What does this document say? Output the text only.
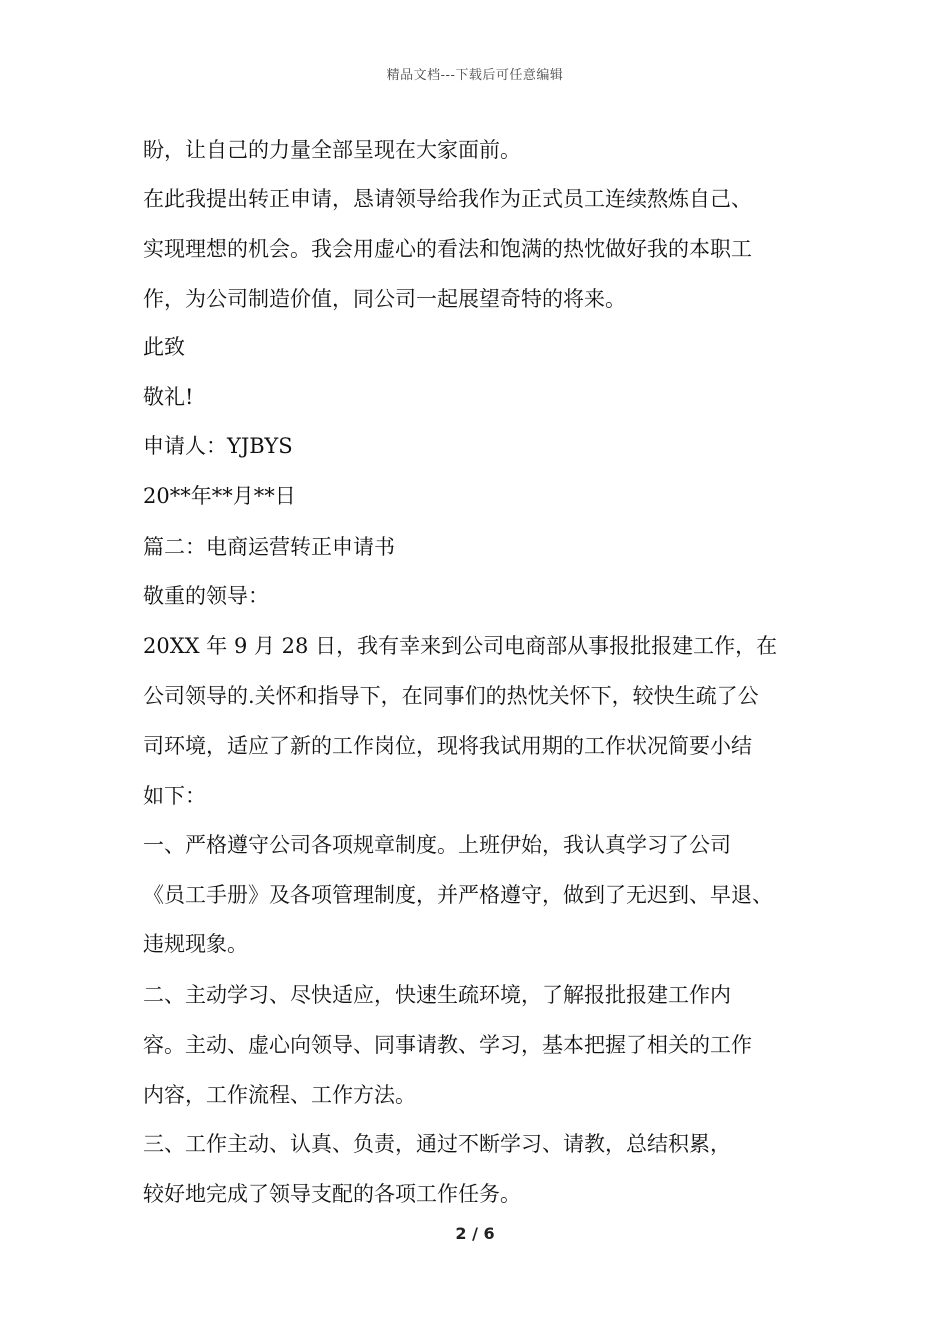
精品文档---下载后可任意编辑
盼，让自己的力量全部呈现在大家面前。
在此我提出转正申请，恳请领导给我作为正式员工连续熬炼自己、
实现理想的机会。我会用虚心的看法和饱满的热忱做好我的本职工
作，为公司制造价值，同公司一起展望奇特的将来。
此致
敬礼!
申请人：YJBYS
20**年**月**日
篇二：电商运营转正申请书
敬重的领导：
20XX 年 9 月 28 日，我有幸来到公司电商部从事报批报建工作，在
公司领导的.关怀和指导下，在同事们的热忱关怀下，较快生疏了公
司环境，适应了新的工作岗位，现将我试用期的工作状况简要小结
如下：
一、严格遵守公司各项规章制度。上班伊始，我认真学习了公司
《员工手册》及各项管理制度，并严格遵守，做到了无迟到、早退、
违规现象。
二、主动学习、尽快适应，快速生疏环境，了解报批报建工作内
容。主动、虚心向领导、同事请教、学习，基本把握了相关的工作
内容，工作流程、工作方法。
三、工作主动、认真、负责，通过不断学习、请教，总结积累，
较好地完成了领导支配的各项工作任务。
2 / 6
